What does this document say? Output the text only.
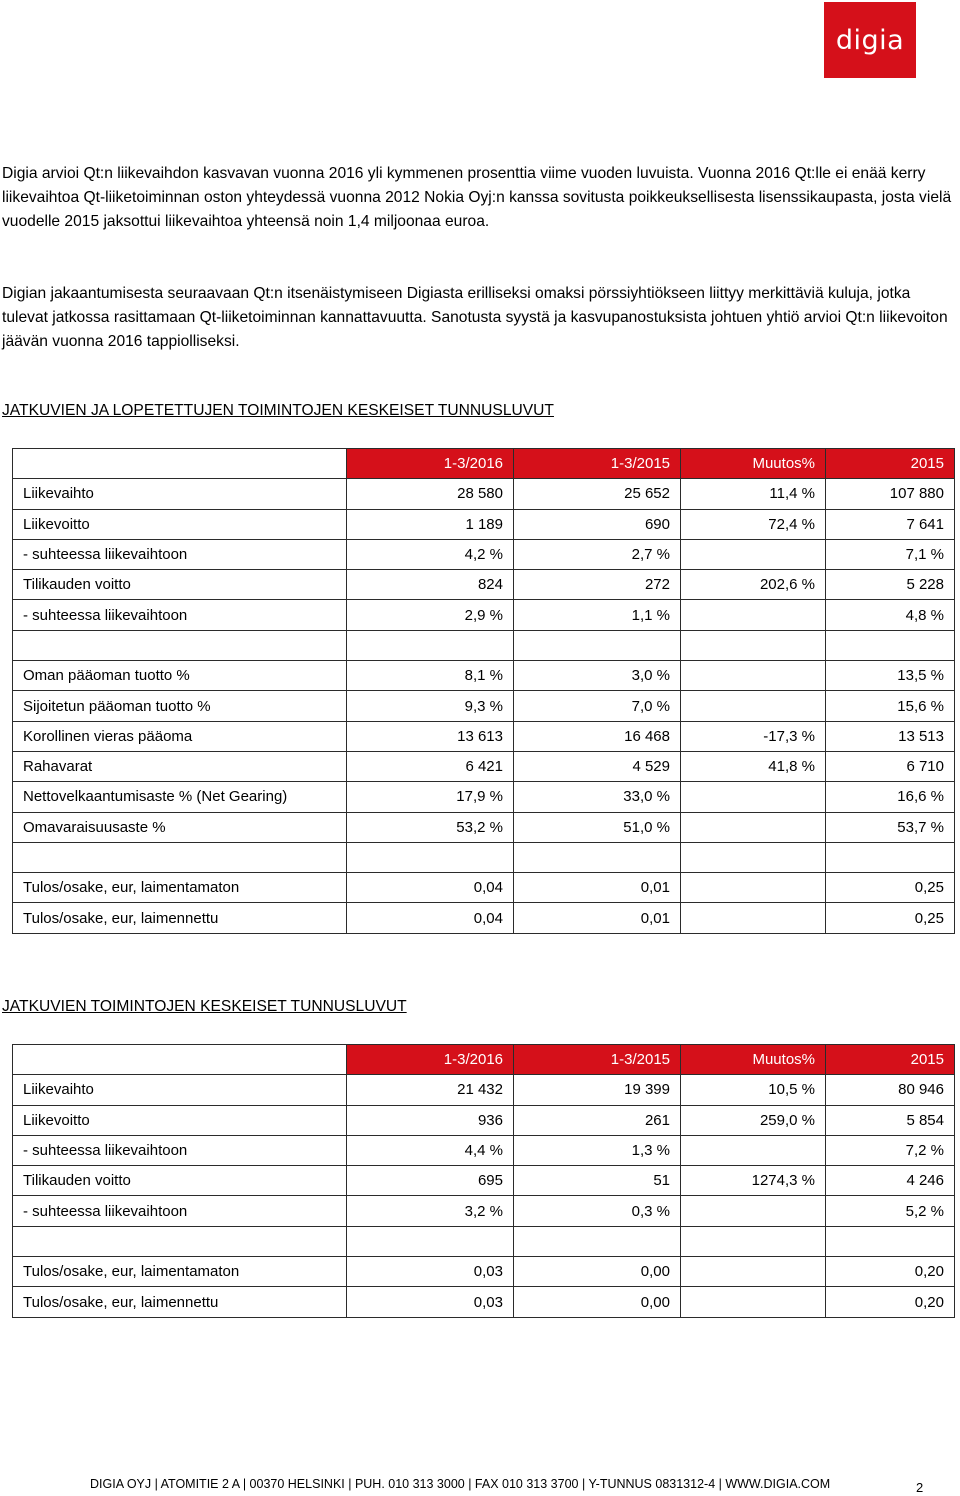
digia

Digia arvioi Qt:n liikevaihdon kasvavan vuonna 2016 yli kymmenen prosenttia viime vuoden luvuista. Vuonna 2016 Qt:lle ei enää kerry liikevaihtoa Qt-liiketoiminnan oston yhteydessä vuonna 2012 Nokia Oyj:n kanssa sovitusta poikkeuksellisesta lisenssikaupasta, josta vielä vuodelle 2015 jaksottui liikevaihtoa yhteensä noin 1,4 miljoonaa euroa.

Digian jakaantumisesta seuraavaan Qt:n itsenäistymiseen Digiasta erilliseksi omaksi pörssiyhtiökseen liittyy merkittäviä kuluja, jotka tulevat jatkossa rasittamaan Qt-liiketoiminnan kannattavuutta. Sanotusta syystä ja kasvupanostuksista johtuen yhtiö arvioi Qt:n liikevoiton jäävän vuonna 2016 tappiolliseksi.

JATKUVIEN JA LOPETETTUJEN TOIMINTOJEN KESKEISET TUNNUSLUVUT
	1-3/2016	1-3/2015	Muutos%	2015
Liikevaihto	28 580	25 652	11,4 %	107 880
Liikevoitto	1 189	690	72,4 %	7 641
- suhteessa liikevaihtoon	4,2 %	2,7 %		7,1 %
Tilikauden voitto	824	272	202,6 %	5 228
- suhteessa liikevaihtoon	2,9 %	1,1 %		4,8 %

Oman pääoman tuotto %	8,1 %	3,0 %		13,5 %
Sijoitetun pääoman tuotto %	9,3 %	7,0 %		15,6 %
Korollinen vieras pääoma	13 613	16 468	-17,3 %	13 513
Rahavarat	6 421	4 529	41,8 %	6 710
Nettovelkaantumisaste % (Net Gearing)	17,9 %	33,0 %		16,6 %
Omavaraisuusaste %	53,2 %	51,0 %		53,7 %

Tulos/osake, eur, laimentamaton	0,04	0,01		0,25
Tulos/osake, eur, laimennettu	0,04	0,01		0,25
JATKUVIEN TOIMINTOJEN KESKEISET TUNNUSLUVUT
	1-3/2016	1-3/2015	Muutos%	2015
Liikevaihto	21 432	19 399	10,5 %	80 946
Liikevoitto	936	261	259,0 %	5 854
- suhteessa liikevaihtoon	4,4 %	1,3 %		7,2 %
Tilikauden voitto	695	51	1274,3 %	4 246
- suhteessa liikevaihtoon	3,2 %	0,3 %		5,2 %

Tulos/osake, eur, laimentamaton	0,03	0,00		0,20
Tulos/osake, eur, laimennettu	0,03	0,00		0,20
DIGIA OYJ | ATOMITIE 2 A | 00370 HELSINKI | PUH. 010 313 3000 | FAX 010 313 3700 | Y-TUNNUS 0831312-4 | WWW.DIGIA.COM	2
